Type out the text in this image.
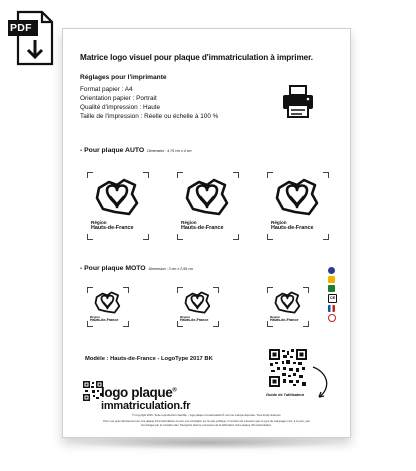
PDF
Matrice logo visuel pour plaque d'immatriculation à imprimer.
Réglages pour l'imprimante
Format papier : A4
Orientation papier : Portrait
Qualité d'impression : Haute
Taille de l'impression : Réelle ou échelle à 100 %
- Pour plaque AUTO Dimension : 4,75 cm x 4 cm
Région
Hauts-de-France
Région
Hauts-de-France
Région
Hauts-de-France
- Pour plaque MOTO Dimension : 3 cm x 2,55 cm
Région
Hauts-de-France
Région
Hauts-de-France
Région
Hauts-de-France
CE
Modèle : Hauts-de-France - LogoType 2017 BK
logo plaque®
immatriculation.fr
Guide de l'utilisateur
© Copyright 2025. Toute reproduction interdite – logo plaque immatriculation® est une marque déposée. Tous droits réservés.
Pour une pose directement sur une plaque d'immatriculation et pour une circulation sur la voie publique, il convient de s'assurer que ce type de marquage n'est, à ce jour, pas
homologué par le ministère des Transports dans le processus de la fabrication d'une plaque d'immatriculation.
